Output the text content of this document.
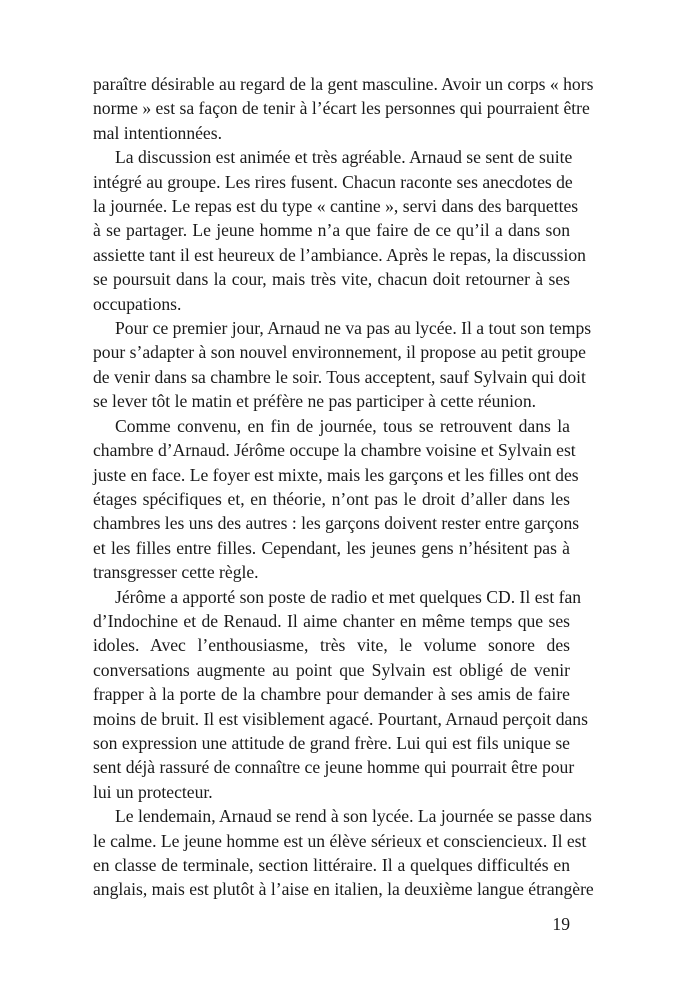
paraître désirable au regard de la gent masculine. Avoir un corps « hors
norme » est sa façon de tenir à l’écart les personnes qui pourraient être
mal intentionnées.
La discussion est animée et très agréable. Arnaud se sent de suite
intégré au groupe. Les rires fusent. Chacun raconte ses anecdotes de
la journée. Le repas est du type « cantine », servi dans des barquettes
à se partager. Le jeune homme n’a que faire de ce qu’il a dans son
assiette tant il est heureux de l’ambiance. Après le repas, la discussion
se poursuit dans la cour, mais très vite, chacun doit retourner à ses
occupations.
Pour ce premier jour, Arnaud ne va pas au lycée. Il a tout son temps
pour s’adapter à son nouvel environnement, il propose au petit groupe
de venir dans sa chambre le soir. Tous acceptent, sauf Sylvain qui doit
se lever tôt le matin et préfère ne pas participer à cette réunion.
Comme convenu, en fin de journée, tous se retrouvent dans la
chambre d’Arnaud. Jérôme occupe la chambre voisine et Sylvain est
juste en face. Le foyer est mixte, mais les garçons et les filles ont des
étages spécifiques et, en théorie, n’ont pas le droit d’aller dans les
chambres les uns des autres : les garçons doivent rester entre garçons
et les filles entre filles. Cependant, les jeunes gens n’hésitent pas à
transgresser cette règle.
Jérôme a apporté son poste de radio et met quelques CD. Il est fan
d’Indochine et de Renaud. Il aime chanter en même temps que ses
idoles. Avec l’enthousiasme, très vite, le volume sonore des
conversations augmente au point que Sylvain est obligé de venir
frapper à la porte de la chambre pour demander à ses amis de faire
moins de bruit. Il est visiblement agacé. Pourtant, Arnaud perçoit dans
son expression une attitude de grand frère. Lui qui est fils unique se
sent déjà rassuré de connaître ce jeune homme qui pourrait être pour
lui un protecteur.
Le lendemain, Arnaud se rend à son lycée. La journée se passe dans
le calme. Le jeune homme est un élève sérieux et consciencieux. Il est
en classe de terminale, section littéraire. Il a quelques difficultés en
anglais, mais est plutôt à l’aise en italien, la deuxième langue étrangère
19
